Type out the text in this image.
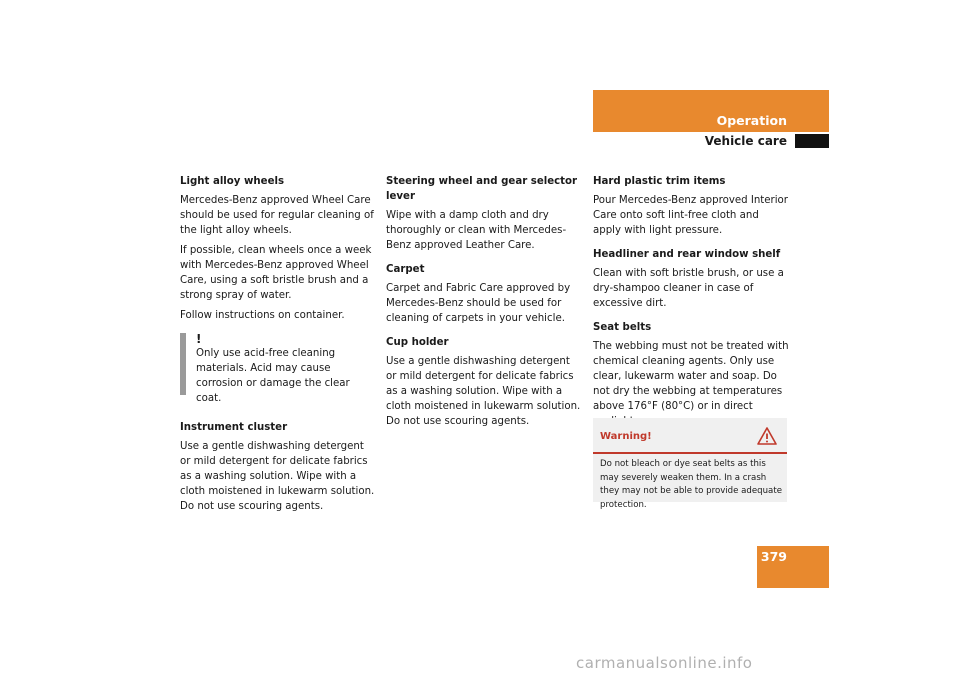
Operation
Vehicle care
Light alloy wheels

Mercedes-Benz approved Wheel Care should be used for regular cleaning of the light alloy wheels.

If possible, clean wheels once a week with Mercedes-Benz approved Wheel Care, using a soft bristle brush and a strong spray of water.

Follow instructions on container.

!

Only use acid-free cleaning materials. Acid may cause corrosion or damage the clear coat.

Instrument cluster

Use a gentle dishwashing detergent or mild detergent for delicate fabrics as a washing solution. Wipe with a cloth moistened in lukewarm solution. Do not use scouring agents.

Steering wheel and gear selector lever

Wipe with a damp cloth and dry thoroughly or clean with Mercedes-Benz approved Leather Care.

Carpet

Carpet and Fabric Care approved by Mercedes-Benz should be used for cleaning of carpets in your vehicle.

Cup holder

Use a gentle dishwashing detergent or mild detergent for delicate fabrics as a washing solution. Wipe with a cloth moistened in lukewarm solution. Do not use scouring agents.

Hard plastic trim items

Pour Mercedes-Benz approved Interior Care onto soft lint-free cloth and apply with light pressure.

Headliner and rear window shelf

Clean with soft bristle brush, or use a dry-shampoo cleaner in case of excessive dirt.

Seat belts

The webbing must not be treated with chemical cleaning agents. Only use clear, lukewarm water and soap. Do not dry the webbing at temperatures above 176°F (80°C) or in direct

Warning!
Do not bleach or dye seat belts as this may severely weaken them. In a crash they may not be able to provide adequate protection.
379
carmanualsonline.info
